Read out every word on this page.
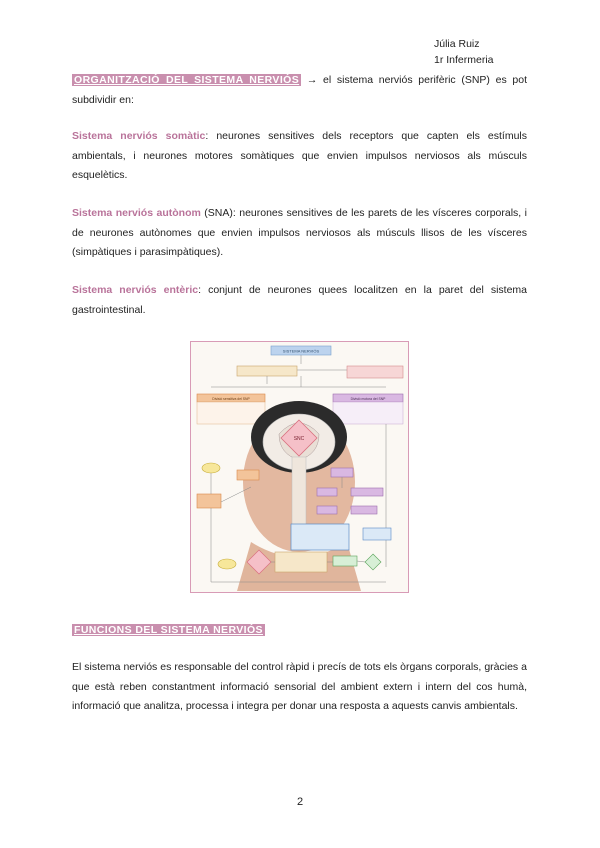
Júlia Ruiz
1r Infermeria
ORGANITZACIÓ DEL SISTEMA NERVIÓS → el sistema nerviós perifèric (SNP) es pot subdividir en:
Sistema nerviós somàtic: neurones sensitives dels receptors que capten els estímuls ambientals, i neurones motores somàtiques que envien impulsos nerviosos als músculs esquelètics.
Sistema nerviós autònom (SNA): neurones sensitives de les parets de les vísceres corporals, i de neurones autònomes que envien impulsos nerviosos als músculs llisos de les vísceres (simpàtiques i parasimpàtiques).
Sistema nerviós entèric: conjunt de neurones quees localitzen en la paret del sistema gastrointestinal.
SISTEMA NERVIÓS
Divisió sensitiva del SNP	Divisió motora del SNP
SNC
FUNCIONS DEL SISTEMA NERVIÓS
El sistema nerviós es responsable del control ràpid i precís de tots els òrgans corporals, gràcies a que està reben constantment informació sensorial del ambient extern i intern del cos humà, informació que analitza, processa i integra per donar una resposta a aquests canvis ambientals.
2
